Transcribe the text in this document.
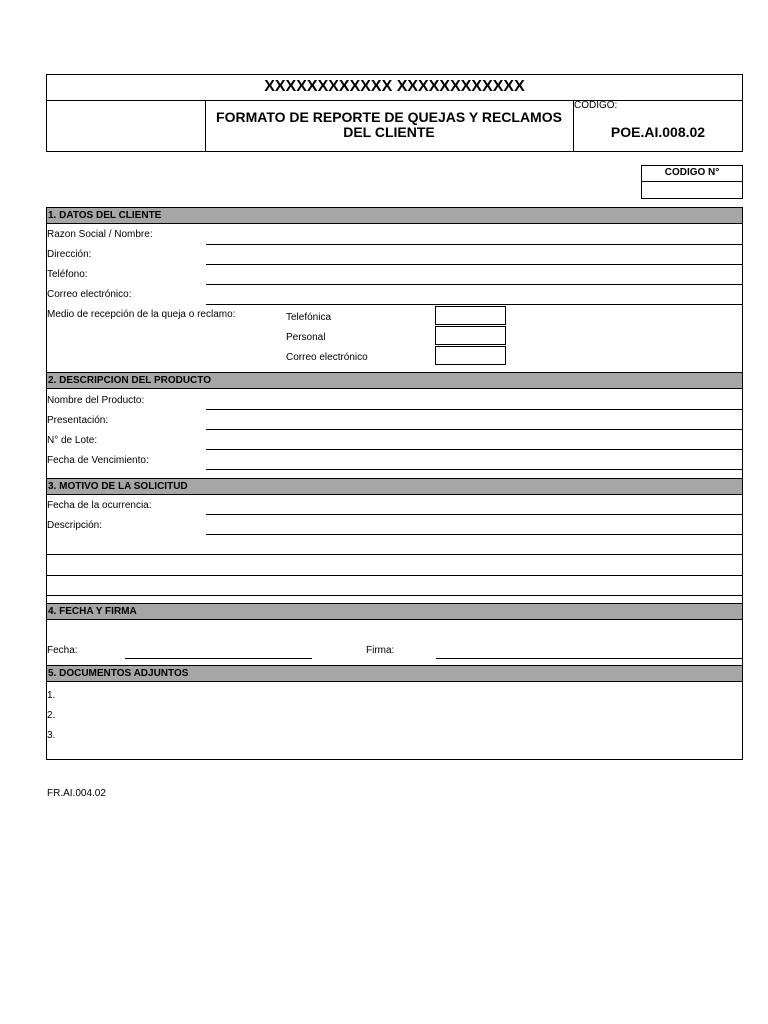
XXXXXXXXXXXX XXXXXXXXXXXX
FORMATO DE REPORTE DE QUEJAS Y RECLAMOS
DEL CLIENTE
CODIGO:
POE.AI.008.02
CODIGO N°
1. DATOS DEL CLIENTE
Razon Social / Nombre:
Dirección:
Teléfono:
Correo electrónico:
Medio de recepción de la queja o reclamo:	Telefónica
Personal
Correo electrónico
2. DESCRIPCION DEL PRODUCTO
Nombre del Producto:
Presentación:
N° de Lote:
Fecha de Vencimiento:
3. MOTIVO DE LA SOLICITUD
Fecha de la ocurrencia:
Descripción:
4. FECHA Y FIRMA
Fecha:	Firma:
5. DOCUMENTOS ADJUNTOS
1.
2.
3.
FR.AI.004.02
